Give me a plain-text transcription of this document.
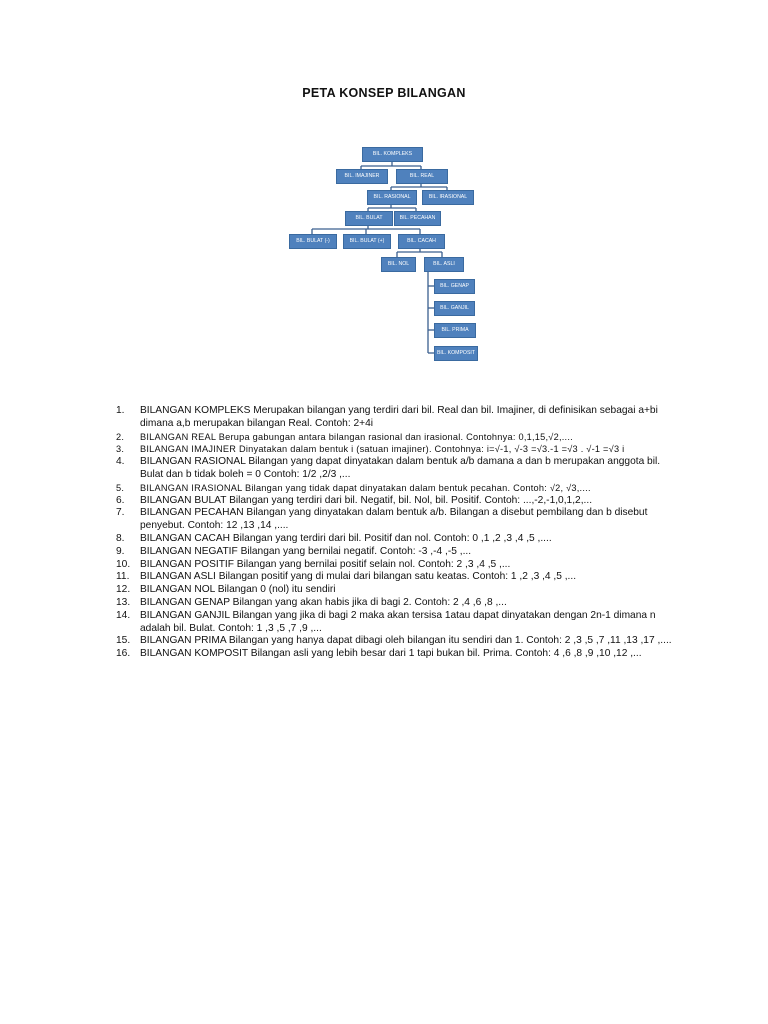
PETA KONSEP BILANGAN
BIL. KOMPLEKS
BIL. IMAJINER	BIL. REAL
BIL. RASIONAL	BIL. IRASIONAL
BIL. BULAT	BIL. PECAHAN
BIL. BULAT (-)	BIL. BULAT (+)	BIL. CACAH
BIL. NOL	BIL. ASLI
BIL. GENAP
BIL. GANJIL
BIL. PRIMA
BIL. KOMPOSIT
1. BILANGAN KOMPLEKS Merupakan bilangan yang terdiri dari bil. Real dan bil. Imajiner, di definisikan sebagai a+bi dimana a,b merupakan bilangan Real. Contoh: 2+4i
2. BILANGAN REAL Berupa gabungan antara bilangan rasional dan irasional. Contohnya: 0,1,15,√2,....
3. BILANGAN IMAJINER Dinyatakan dalam bentuk i (satuan imajiner). Contohnya: i=√-1, √-3 =√3.-1 =√3 . √-1 =√3 i
4. BILANGAN RASIONAL Bilangan yang dapat dinyatakan dalam bentuk a/b damana a dan b merupakan anggota bil. Bulat dan b tidak boleh = 0 Contoh: 1/2 ,2/3 ,...
5. BILANGAN IRASIONAL Bilangan yang tidak dapat dinyatakan dalam bentuk pecahan. Contoh: √2, √3,....
6. BILANGAN BULAT Bilangan yang terdiri dari bil. Negatif, bil. Nol, bil. Positif. Contoh: ...,-2,-1,0,1,2,...
7. BILANGAN PECAHAN Bilangan yang dinyatakan dalam bentuk a/b. Bilangan a disebut pembilang dan b disebut penyebut. Contoh: 12 ,13 ,14 ,....
8. BILANGAN CACAH Bilangan yang terdiri dari bil. Positif dan nol. Contoh: 0 ,1 ,2 ,3 ,4 ,5 ,....
9. BILANGAN NEGATIF Bilangan yang bernilai negatif. Contoh: -3 ,-4 ,-5 ,...
10. BILANGAN POSITIF Bilangan yang bernilai positif selain nol. Contoh: 2 ,3 ,4 ,5 ,...
11. BILANGAN ASLI Bilangan positif yang di mulai dari bilangan satu keatas. Contoh: 1 ,2 ,3 ,4 ,5 ,...
12. BILANGAN NOL Bilangan 0 (nol) itu sendiri
13. BILANGAN GENAP Bilangan yang akan habis jika di bagi 2. Contoh: 2 ,4 ,6 ,8 ,...
14. BILANGAN GANJIL Bilangan yang jika di bagi 2 maka akan tersisa 1atau dapat dinyatakan dengan 2n-1 dimana n adalah bil. Bulat. Contoh: 1 ,3 ,5 ,7 ,9 ,...
15. BILANGAN PRIMA Bilangan yang hanya dapat dibagi oleh bilangan itu sendiri dan 1. Contoh: 2 ,3 ,5 ,7 ,11 ,13 ,17 ,....
16. BILANGAN KOMPOSIT Bilangan asli yang lebih besar dari 1 tapi bukan bil. Prima. Contoh: 4 ,6 ,8 ,9 ,10 ,12 ,...
